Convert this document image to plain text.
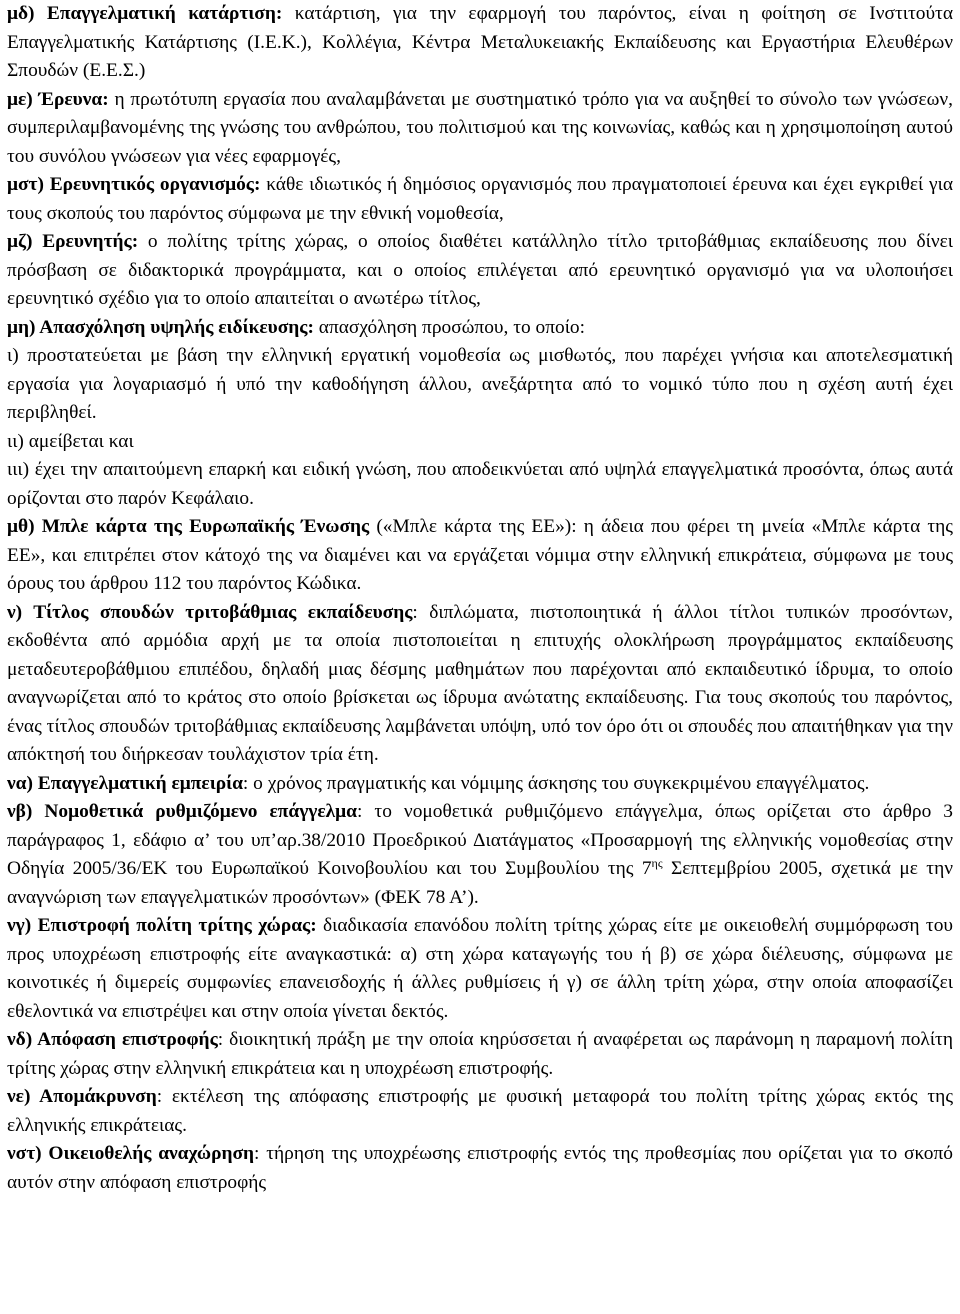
μδ) Επαγγελματική κατάρτιση: κατάρτιση, για την εφαρμογή του παρόντος, είναι η φοίτηση σε Ινστιτούτα Επαγγελματικής Κατάρτισης (Ι.Ε.Κ.), Κολλέγια, Κέντρα Μεταλυκειακής Εκπαίδευσης και Εργαστήρια Ελευθέρων Σπουδών (Ε.Ε.Σ.)

με) Έρευνα: η πρωτότυπη εργασία που αναλαμβάνεται με συστηματικό τρόπο για να αυξηθεί το σύνολο των γνώσεων, συμπεριλαμβανομένης της γνώσης του ανθρώπου, του πολιτισμού και της κοινωνίας, καθώς και η χρησιμοποίηση αυτού του συνόλου γνώσεων για νέες εφαρμογές,

μστ) Ερευνητικός οργανισμός: κάθε ιδιωτικός ή δημόσιος οργανισμός που πραγματοποιεί έρευνα και έχει εγκριθεί για τους σκοπούς του παρόντος σύμφωνα με την εθνική νομοθεσία,

μζ) Ερευνητής: ο πολίτης τρίτης χώρας, ο οποίος διαθέτει κατάλληλο τίτλο τριτοβάθμιας εκπαίδευσης που δίνει πρόσβαση σε διδακτορικά προγράμματα, και ο οποίος επιλέγεται από ερευνητικό οργανισμό για να υλοποιήσει ερευνητικό σχέδιο για το οποίο απαιτείται ο ανωτέρω τίτλος,

μη) Απασχόληση υψηλής ειδίκευσης: απασχόληση προσώπου, το οποίο:

ι) προστατεύεται με βάση την ελληνική εργατική νομοθεσία ως μισθωτός, που παρέχει γνήσια και αποτελεσματική εργασία για λογαριασμό ή υπό την καθοδήγηση άλλου, ανεξάρτητα από το νομικό τύπο που η σχέση αυτή έχει περιβληθεί.

ιι) αμείβεται και

ιιι) έχει την απαιτούμενη επαρκή και ειδική γνώση, που αποδεικνύεται από υψηλά επαγγελματικά προσόντα, όπως αυτά ορίζονται στο παρόν Κεφάλαιο.

μθ) Μπλε κάρτα της Ευρωπαϊκής Ένωσης («Μπλε κάρτα της ΕΕ»): η άδεια που φέρει τη μνεία «Μπλε κάρτα της ΕΕ», και επιτρέπει στον κάτοχό της να διαμένει και να εργάζεται νόμιμα στην ελληνική επικράτεια, σύμφωνα με τους όρους του άρθρου 112 του παρόντος Κώδικα.

ν) Τίτλος σπουδών τριτοβάθμιας εκπαίδευσης: διπλώματα, πιστοποιητικά ή άλλοι τίτλοι τυπικών προσόντων, εκδοθέντα από αρμόδια αρχή με τα οποία πιστοποιείται η επιτυχής ολοκλήρωση προγράμματος εκπαίδευσης μεταδευτεροβάθμιου επιπέδου, δηλαδή μιας δέσμης μαθημάτων που παρέχονται από εκπαιδευτικό ίδρυμα, το οποίο αναγνωρίζεται από το κράτος στο οποίο βρίσκεται ως ίδρυμα ανώτατης εκπαίδευσης. Για τους σκοπούς του παρόντος, ένας τίτλος σπουδών τριτοβάθμιας εκπαίδευσης λαμβάνεται υπόψη, υπό τον όρο ότι οι σπουδές που απαιτήθηκαν για την απόκτησή του διήρκεσαν τουλάχιστον τρία έτη.

να) Επαγγελματική εμπειρία: ο χρόνος πραγματικής και νόμιμης άσκησης του συγκεκριμένου επαγγέλματος.

νβ) Νομοθετικά ρυθμιζόμενο επάγγελμα: το νομοθετικά ρυθμιζόμενο επάγγελμα, όπως ορίζεται στο άρθρο 3 παράγραφος 1, εδάφιο α’ του υπ’αρ.38/2010 Προεδρικού Διατάγματος «Προσαρμογή της ελληνικής νομοθεσίας στην Οδηγία 2005/36/ΕΚ του Ευρωπαϊκού Κοινοβουλίου και του Συμβουλίου της $7^{\eta\varsigma}$ Σεπτεμβρίου 2005, σχετικά με την αναγνώριση των επαγγελματικών προσόντων» (ΦΕΚ 78 Α’).

νγ) Επιστροφή πολίτη τρίτης χώρας: διαδικασία επανόδου πολίτη τρίτης χώρας είτε με οικειοθελή συμμόρφωση του προς υποχρέωση επιστροφής είτε αναγκαστικά: α) στη χώρα καταγωγής του ή β) σε χώρα διέλευσης, σύμφωνα με κοινοτικές ή διμερείς συμφωνίες επανεισδοχής ή άλλες ρυθμίσεις ή γ) σε άλλη τρίτη χώρα, στην οποία αποφασίζει εθελοντικά να επιστρέψει και στην οποία γίνεται δεκτός.

νδ) Απόφαση επιστροφής: διοικητική πράξη με την οποία κηρύσσεται ή αναφέρεται ως παράνομη η παραμονή πολίτη τρίτης χώρας στην ελληνική επικράτεια και η υποχρέωση επιστροφής.

νε) Απομάκρυνση: εκτέλεση της απόφασης επιστροφής με φυσική μεταφορά του πολίτη τρίτης χώρας εκτός της ελληνικής επικράτειας.

νστ) Οικειοθελής αναχώρηση: τήρηση της υποχρέωσης επιστροφής εντός της προθεσμίας που ορίζεται για το σκοπό αυτόν στην απόφαση επιστροφής
